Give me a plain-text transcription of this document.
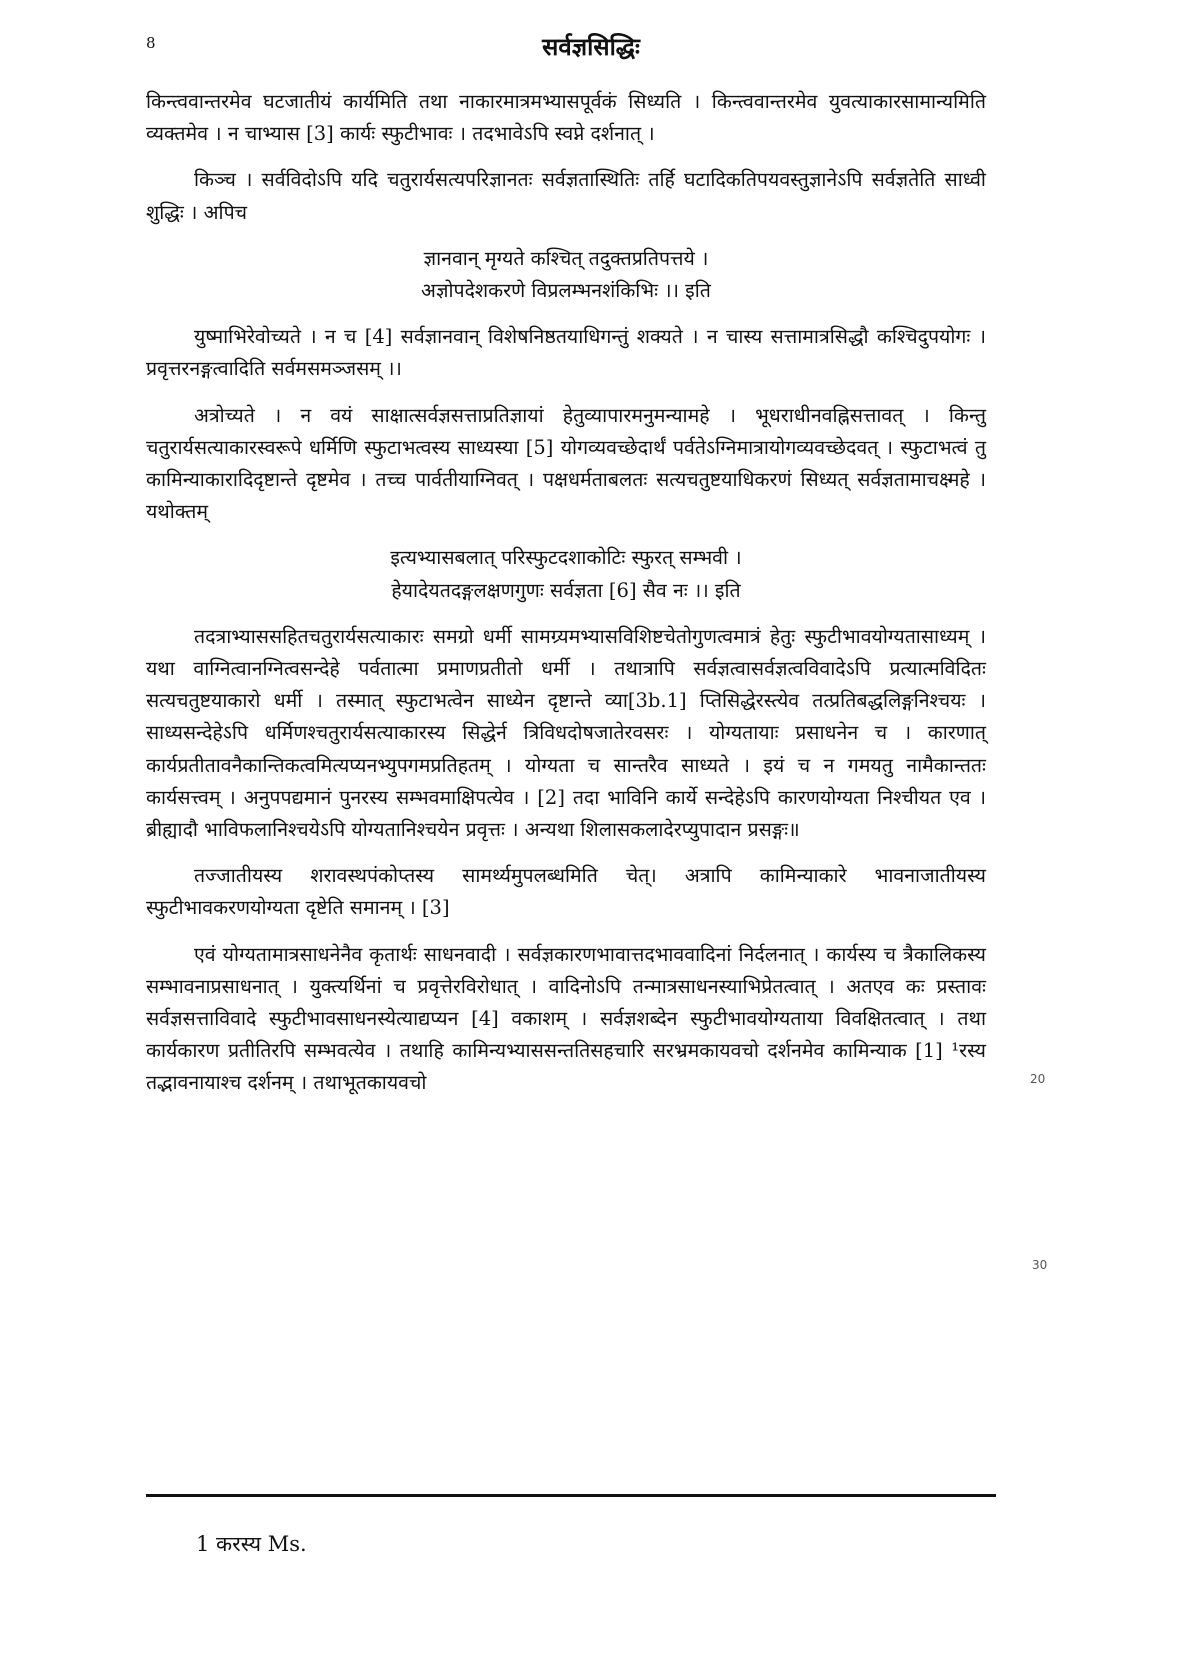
8	सर्वज्ञसिद्धिः

किन्त्ववान्तरमेव घटजातीयं कार्यमिति तथा नाकारमात्रमभ्यासपूर्वकं सिध्यति । किन्त्ववान्तरमेव युवत्याकारसामान्यमिति व्यक्तमेव । न चाभ्यास [3] कार्यः स्फुटीभावः । तदभावेऽपि स्वप्ने दर्शनात् ।

किञ्च । सर्वविदोऽपि यदि चतुरार्यसत्यपरिज्ञानतः सर्वज्ञतास्थितिः तर्हि घटादिकतिपयवस्तुज्ञानेऽपि सर्वज्ञतेति साध्वी शुद्धिः । अपिच

ज्ञानवान् मृग्यते कश्चित् तदुक्तप्रतिपत्तये ।
अज्ञोपदेशकरणे विप्रलम्भनशंकिभिः ।। इति

युष्माभिरेवोच्यते । न च [4] सर्वज्ञानवान् विशेषनिष्ठतयाधिगन्तुं शक्यते । न चास्य सत्तामात्रसिद्धौ कश्चिदुपयोगः । प्रवृत्तरनङ्गत्वादिति सर्वमसमञ्जसम् ।।

अत्रोच्यते । न वयं साक्षात्सर्वज्ञसत्ताप्रतिज्ञायां हेतुव्यापारमनुमन्यामहे । भूधराधीनवह्निसत्तावत् । किन्तु चतुरार्यसत्याकारस्वरूपे धर्मिणि स्फुटाभत्वस्य साध्यस्या [5] योगव्यवच्छेदार्थं पर्वतेऽग्निमात्रायोगव्यवच्छेदवत् । स्फुटाभत्वं तु कामिन्याकारादिदृष्टान्ते दृष्टमेव । तच्च पार्वतीयाग्निवत् । पक्षधर्मताबलतः सत्यचतुष्टयाधिकरणं सिध्यत् सर्वज्ञतामाचक्ष्महे । यथोक्तम्

इत्यभ्यासबलात् परिस्फुटदशाकोटिः स्फुरत् सम्भवी ।
हेयादेयतदङ्गलक्षणगुणः सर्वज्ञता [6] सैव नः ।। इति

तदत्राभ्याससहितचतुरार्यसत्याकारः समग्रो धर्मी सामग्र्यमभ्यासविशिष्टचेतोगुणत्वमात्रं हेतुः स्फुटीभावयोग्यतासाध्यम् । यथा वाग्नित्वानग्नित्वसन्देहे पर्वतात्मा प्रमाणप्रतीतो धर्मी । तथात्रापि सर्वज्ञत्वासर्वज्ञत्वविवादेऽपि प्रत्यात्मविदितः सत्यचतुष्टयाकारो धर्मी । तस्मात् स्फुटाभत्वेन साध्येन दृष्टान्ते व्या[3b.1] प्तिसिद्धेरस्त्येव तत्प्रतिबद्धलिङ्गनिश्चयः । साध्यसन्देहेऽपि धर्मिणश्चतुरार्यसत्याकारस्य सिद्धेर्न त्रिविधदोषजातेरवसरः । योग्यतायाः प्रसाधनेन च । कारणात् कार्यप्रतीतावनैकान्तिकत्वमित्यप्यनभ्युपगमप्रतिहतम् । योग्यता च सान्तरैव साध्यते । इयं च न गमयतु नामैकान्ततः कार्यसत्त्वम् । अनुपपद्यमानं पुनरस्य सम्भवमाक्षिपत्येव । [2] तदा भाविनि कार्ये सन्देहेऽपि कारणयोग्यता निश्चीयत एव । ब्रीह्यादौ भाविफलानिश्चयेऽपि योग्यतानिश्चयेन प्रवृत्तः । अन्यथा शिलासकलादेरप्युपादान प्रसङ्गः॥

तज्जातीयस्य शरावस्थपंकोप्तस्य सामर्थ्यमुपलब्धमिति चेत्। अत्रापि कामिन्याकारे भावनाजातीयस्य स्फुटीभावकरणयोग्यता दृष्टेति समानम् । [3]

एवं योग्यतामात्रसाधनेनैव कृतार्थः साधनवादी । सर्वज्ञकारणभावात्तदभाववादिनां निर्दलनात् । कार्यस्य च त्रैकालिकस्य सम्भावनाप्रसाधनात् । युक्त्यर्थिनां च प्रवृत्तेरविरोधात् । वादिनोऽपि तन्मात्रसाधनस्याभिप्रेतत्वात् । अतएव कः प्रस्तावः सर्वज्ञसत्ताविवादे स्फुटीभावसाधनस्येत्याद्यप्यन [4] वकाशम् । सर्वज्ञशब्देन स्फुटीभावयोग्यताया विवक्षितत्वात् । तथा कार्यकारण प्रतीतिरपि सम्भवत्येव । तथाहि कामिन्यभ्याससन्ततिसहचारि सरभ्रमकायवचो दर्शनमेव कामिन्याक [1] ¹रस्य तद्भावनायाश्च दर्शनम् । तथाभूतकायवचो	20
30
1 करस्य Ms.
